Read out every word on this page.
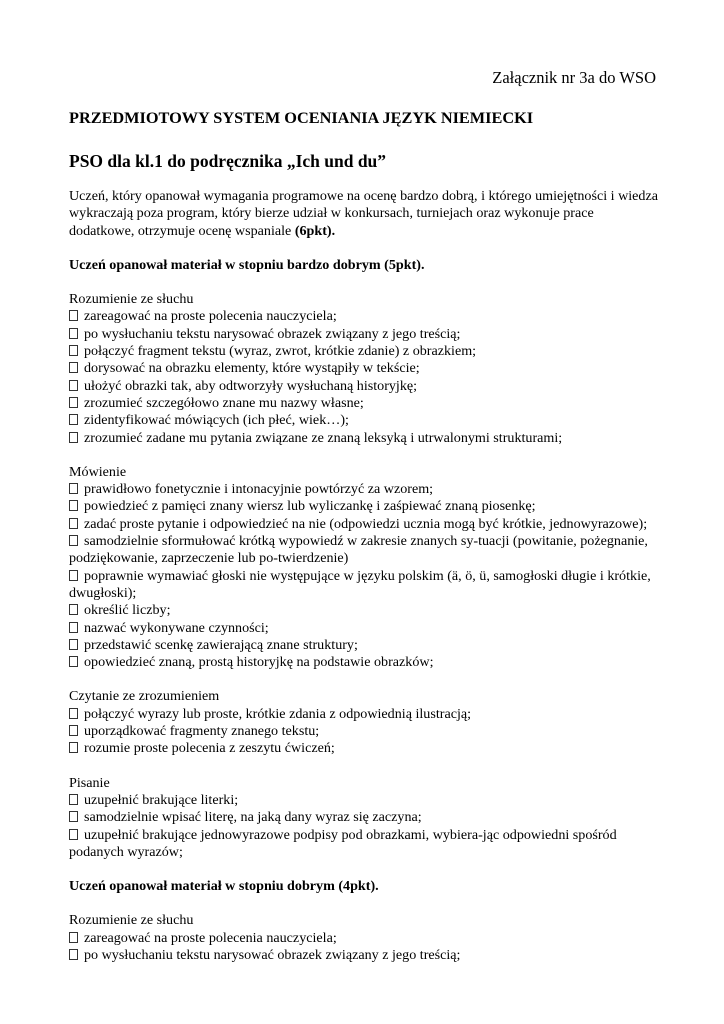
Załącznik nr 3a do WSO
PRZEDMIOTOWY SYSTEM OCENIANIA JĘZYK NIEMIECKI
PSO dla kl.1 do podręcznika „Ich und du”

Uczeń, który opanował wymagania programowe na ocenę bardzo dobrą, i którego umiejętności i wiedza wykraczają poza program, który bierze udział w konkursach, turniejach oraz wykonuje prace dodatkowe, otrzymuje ocenę wspaniale (6pkt).

Uczeń opanował materiał w stopniu bardzo dobrym (5pkt).

Rozumienie ze słuchu

zareagować na proste polecenia nauczyciela;
po wysłuchaniu tekstu narysować obrazek związany z jego treścią;
połączyć fragment tekstu (wyraz, zwrot, krótkie zdanie) z obrazkiem;
dorysować na obrazku elementy, które wystąpiły w tekście;
ułożyć obrazki tak, aby odtworzyły wysłuchaną historyjkę;
zrozumieć szczegółowo znane mu nazwy własne;
zidentyfikować mówiących (ich płeć, wiek…);
zrozumieć zadane mu pytania związane ze znaną leksyką i utrwalonymi strukturami;

Mówienie

prawidłowo fonetycznie i intonacyjnie powtórzyć za wzorem;
powiedzieć z pamięci znany wiersz lub wyliczankę i zaśpiewać znaną piosenkę;
zadać proste pytanie i odpowiedzieć na nie (odpowiedzi ucznia mogą być krótkie, jednowyrazowe);
samodzielnie sformułować krótką wypowiedź w zakresie znanych sy-tuacji (powitanie, pożegnanie, podziękowanie, zaprzeczenie lub po-twierdzenie)
poprawnie wymawiać głoski nie występujące w języku polskim (ä, ö, ü, samogłoski długie i krótkie, dwugłoski);
określić liczby;
nazwać wykonywane czynności;
przedstawić scenkę zawierającą znane struktury;
opowiedzieć znaną, prostą historyjkę na podstawie obrazków;

Czytanie ze zrozumieniem

połączyć wyrazy lub proste, krótkie zdania z odpowiednią ilustracją;
uporządkować fragmenty znanego tekstu;
rozumie proste polecenia z zeszytu ćwiczeń;

Pisanie

uzupełnić brakujące literki;
samodzielnie wpisać literę, na jaką dany wyraz się zaczyna;
uzupełnić brakujące jednowyrazowe podpisy pod obrazkami, wybiera-jąc odpowiedni spośród podanych wyrazów;

Uczeń opanował materiał w stopniu dobrym (4pkt).

Rozumienie ze słuchu

zareagować na proste polecenia nauczyciela;
po wysłuchaniu tekstu narysować obrazek związany z jego treścią;
